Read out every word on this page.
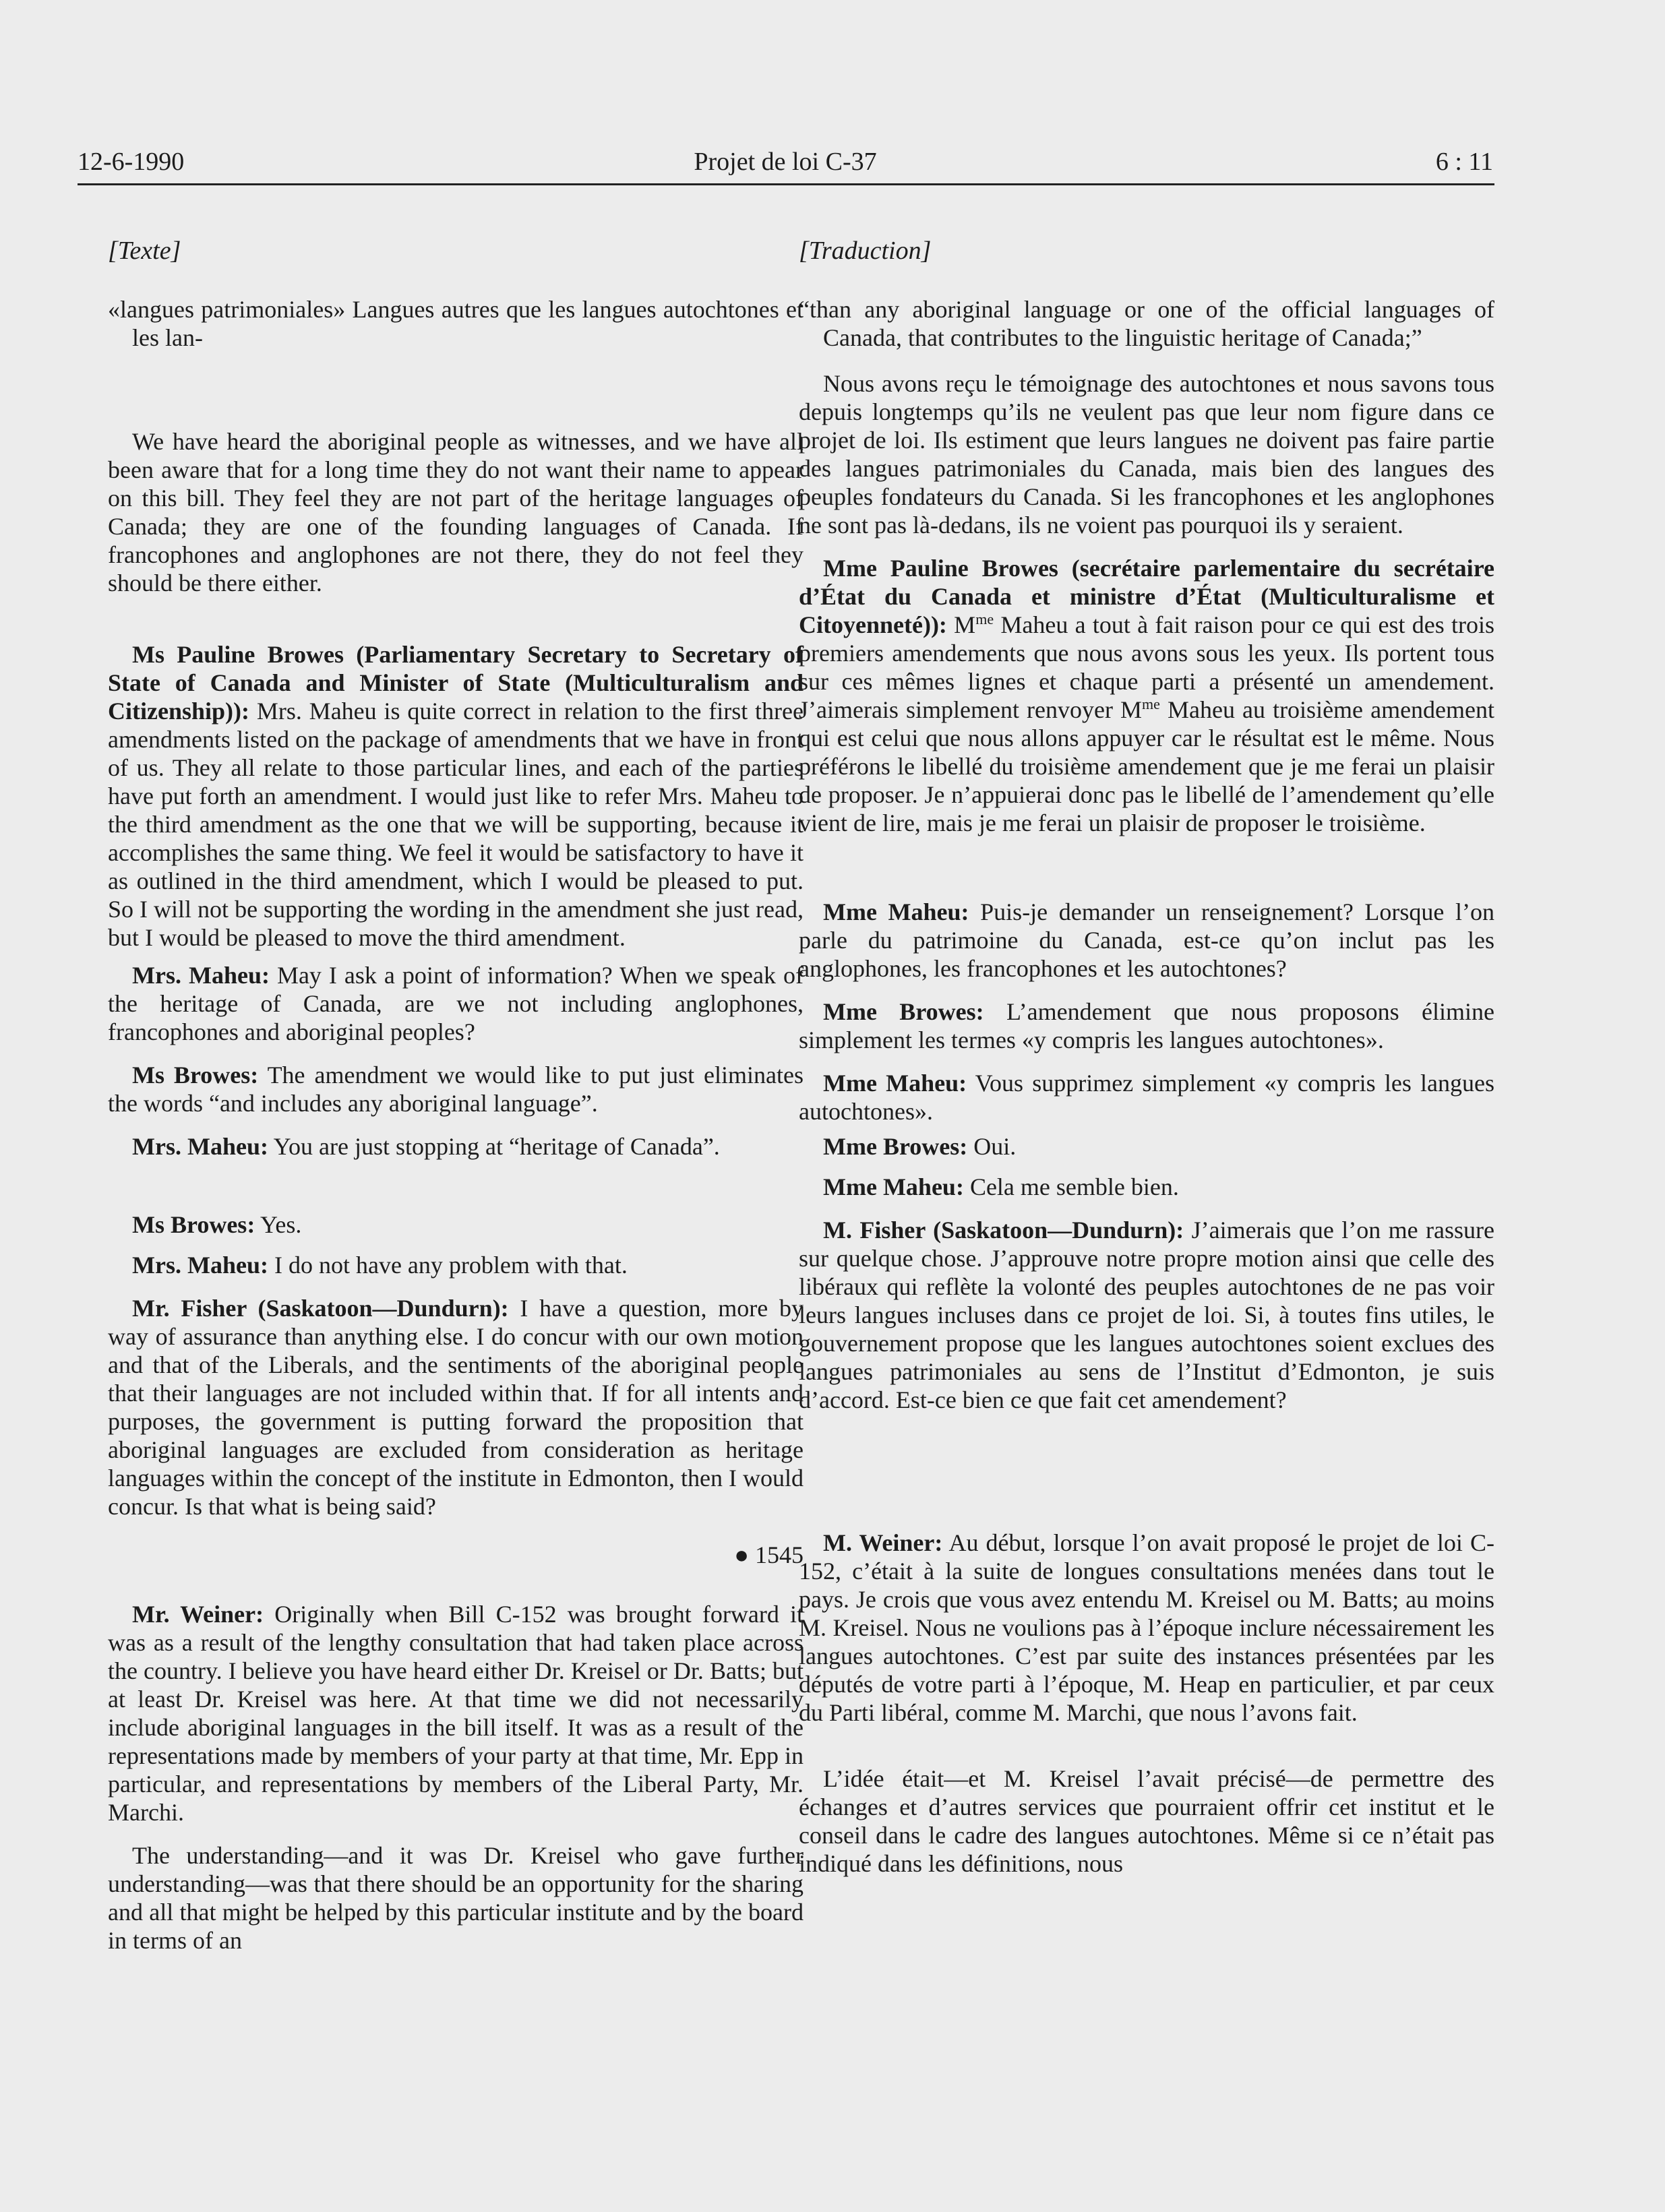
12-6-1990	Projet de loi C-37	6 : 11
[Texte]

«langues patrimoniales» Langues autres que les langues autochtones et les lan-

We have heard the aboriginal people as witnesses, and we have all been aware that for a long time they do not want their name to appear on this bill. They feel they are not part of the heritage languages of Canada; they are one of the founding languages of Canada. If francophones and anglophones are not there, they do not feel they should be there either.

Ms Pauline Browes (Parliamentary Secretary to Secretary of State of Canada and Minister of State (Multiculturalism and Citizenship)): Mrs. Maheu is quite correct in relation to the first three amendments listed on the package of amendments that we have in front of us. They all relate to those particular lines, and each of the parties have put forth an amendment. I would just like to refer Mrs. Maheu to the third amendment as the one that we will be supporting, because it accomplishes the same thing. We feel it would be satisfactory to have it as outlined in the third amendment, which I would be pleased to put. So I will not be supporting the wording in the amendment she just read, but I would be pleased to move the third amendment.

Mrs. Maheu: May I ask a point of information? When we speak of the heritage of Canada, are we not including anglophones, francophones and aboriginal peoples?

Ms Browes: The amendment we would like to put just eliminates the words “and includes any aboriginal language”.

Mrs. Maheu: You are just stopping at “heritage of Canada”.

Ms Browes: Yes.

Mrs. Maheu: I do not have any problem with that.

Mr. Fisher (Saskatoon—Dundurn): I have a question, more by way of assurance than anything else. I do concur with our own motion and that of the Liberals, and the sentiments of the aboriginal people that their languages are not included within that. If for all intents and purposes, the government is putting forward the proposition that aboriginal languages are excluded from consideration as heritage languages within the concept of the institute in Edmonton, then I would concur. Is that what is being said?

● 1545

Mr. Weiner: Originally when Bill C-152 was brought forward it was as a result of the lengthy consultation that had taken place across the country. I believe you have heard either Dr. Kreisel or Dr. Batts; but at least Dr. Kreisel was here. At that time we did not necessarily include aboriginal languages in the bill itself. It was as a result of the representations made by members of your party at that time, Mr. Epp in particular, and representations by members of the Liberal Party, Mr. Marchi.

The understanding—and it was Dr. Kreisel who gave further understanding—was that there should be an opportunity for the sharing and all that might be helped by this particular institute and by the board in terms of an

[Traduction]

“than any aboriginal language or one of the official languages of Canada, that contributes to the linguistic heritage of Canada;”

Nous avons reçu le témoignage des autochtones et nous savons tous depuis longtemps qu’ils ne veulent pas que leur nom figure dans ce projet de loi. Ils estiment que leurs langues ne doivent pas faire partie des langues patrimoniales du Canada, mais bien des langues des peuples fondateurs du Canada. Si les francophones et les anglophones ne sont pas là-dedans, ils ne voient pas pourquoi ils y seraient.

Mme Pauline Browes (secrétaire parlementaire du secrétaire d’État du Canada et ministre d’État (Multiculturalisme et Citoyenneté)): $M^{me}$ Maheu a tout à fait raison pour ce qui est des trois premiers amendements que nous avons sous les yeux. Ils portent tous sur ces mêmes lignes et chaque parti a présenté un amendement. J’aimerais simplement renvoyer $M^{me}$ Maheu au troisième amendement qui est celui que nous allons appuyer car le résultat est le même. Nous préférons le libellé du troisième amendement que je me ferai un plaisir de proposer. Je n’appuierai donc pas le libellé de l’amendement qu’elle vient de lire, mais je me ferai un plaisir de proposer le troisième.

Mme Maheu: Puis-je demander un renseignement? Lorsque l’on parle du patrimoine du Canada, est-ce qu’on inclut pas les anglophones, les francophones et les autochtones?

Mme Browes: L’amendement que nous proposons élimine simplement les termes «y compris les langues autochtones».

Mme Maheu: Vous supprimez simplement «y compris les langues autochtones».

Mme Browes: Oui.

Mme Maheu: Cela me semble bien.

M. Fisher (Saskatoon—Dundurn): J’aimerais que l’on me rassure sur quelque chose. J’approuve notre propre motion ainsi que celle des libéraux qui reflète la volonté des peuples autochtones de ne pas voir leurs langues incluses dans ce projet de loi. Si, à toutes fins utiles, le gouvernement propose que les langues autochtones soient exclues des langues patrimoniales au sens de l’Institut d’Edmonton, je suis d’accord. Est-ce bien ce que fait cet amendement?

M. Weiner: Au début, lorsque l’on avait proposé le projet de loi C-152, c’était à la suite de longues consultations menées dans tout le pays. Je crois que vous avez entendu M. Kreisel ou M. Batts; au moins M. Kreisel. Nous ne voulions pas à l’époque inclure nécessairement les langues autochtones. C’est par suite des instances présentées par les députés de votre parti à l’époque, M. Heap en particulier, et par ceux du Parti libéral, comme M. Marchi, que nous l’avons fait.

L’idée était—et M. Kreisel l’avait précisé—de permettre des échanges et d’autres services que pourraient offrir cet institut et le conseil dans le cadre des langues autochtones. Même si ce n’était pas indiqué dans les définitions, nous
